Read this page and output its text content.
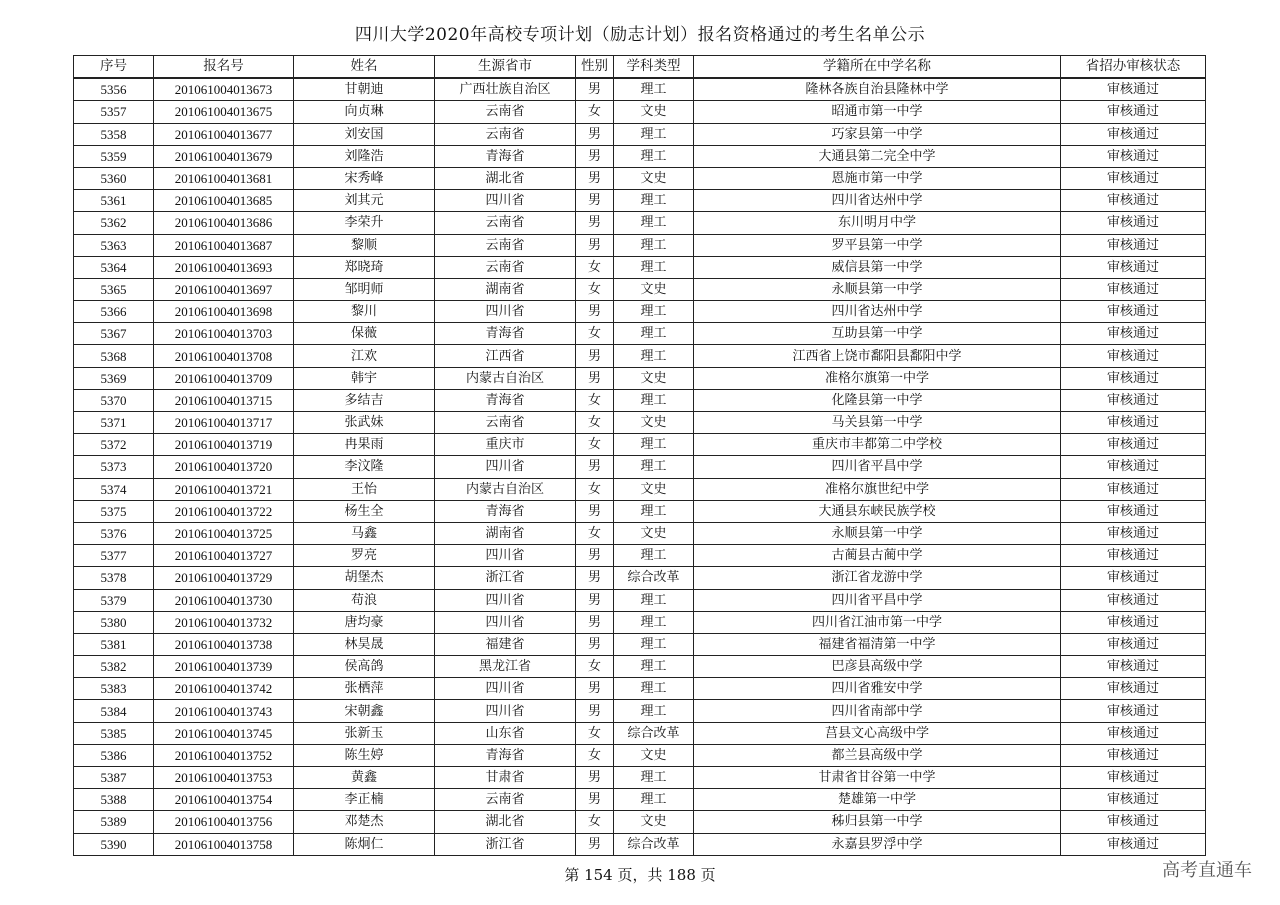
四川大学2020年高校专项计划（励志计划）报名资格通过的考生名单公示
序号	报名号	姓名	生源省市	性别	学科类型	学籍所在中学名称	省招办审核状态
5356	201061004013673	甘朝迪	广西壮族自治区	男	理工	隆林各族自治县隆林中学	审核通过
5357	201061004013675	向贞琳	云南省	女	文史	昭通市第一中学	审核通过
5358	201061004013677	刘安国	云南省	男	理工	巧家县第一中学	审核通过
5359	201061004013679	刘隆浩	青海省	男	理工	大通县第二完全中学	审核通过
5360	201061004013681	宋秀峰	湖北省	男	文史	恩施市第一中学	审核通过
5361	201061004013685	刘其元	四川省	男	理工	四川省达州中学	审核通过
5362	201061004013686	李荣升	云南省	男	理工	东川明月中学	审核通过
5363	201061004013687	黎顺	云南省	男	理工	罗平县第一中学	审核通过
5364	201061004013693	郑晓琦	云南省	女	理工	威信县第一中学	审核通过
5365	201061004013697	邹明师	湖南省	女	文史	永顺县第一中学	审核通过
5366	201061004013698	黎川	四川省	男	理工	四川省达州中学	审核通过
5367	201061004013703	保薇	青海省	女	理工	互助县第一中学	审核通过
5368	201061004013708	江欢	江西省	男	理工	江西省上饶市鄱阳县鄱阳中学	审核通过
5369	201061004013709	韩宇	内蒙古自治区	男	文史	准格尔旗第一中学	审核通过
5370	201061004013715	多结吉	青海省	女	理工	化隆县第一中学	审核通过
5371	201061004013717	张武妹	云南省	女	文史	马关县第一中学	审核通过
5372	201061004013719	冉果雨	重庆市	女	理工	重庆市丰都第二中学校	审核通过
5373	201061004013720	李汶隆	四川省	男	理工	四川省平昌中学	审核通过
5374	201061004013721	王怡	内蒙古自治区	女	文史	准格尔旗世纪中学	审核通过
5375	201061004013722	杨生全	青海省	男	理工	大通县东峡民族学校	审核通过
5376	201061004013725	马鑫	湖南省	女	文史	永顺县第一中学	审核通过
5377	201061004013727	罗亮	四川省	男	理工	古蔺县古蔺中学	审核通过
5378	201061004013729	胡堡杰	浙江省	男	综合改革	浙江省龙游中学	审核通过
5379	201061004013730	苟浪	四川省	男	理工	四川省平昌中学	审核通过
5380	201061004013732	唐均豪	四川省	男	理工	四川省江油市第一中学	审核通过
5381	201061004013738	林昊晟	福建省	男	理工	福建省福清第一中学	审核通过
5382	201061004013739	侯高鸽	黑龙江省	女	理工	巴彦县高级中学	审核通过
5383	201061004013742	张栖萍	四川省	男	理工	四川省雅安中学	审核通过
5384	201061004013743	宋朝鑫	四川省	男	理工	四川省南部中学	审核通过
5385	201061004013745	张新玉	山东省	女	综合改革	莒县文心高级中学	审核通过
5386	201061004013752	陈生婷	青海省	女	文史	都兰县高级中学	审核通过
5387	201061004013753	黄鑫	甘肃省	男	理工	甘肃省甘谷第一中学	审核通过
5388	201061004013754	李正楠	云南省	男	理工	楚雄第一中学	审核通过
5389	201061004013756	邓楚杰	湖北省	女	文史	秭归县第一中学	审核通过
5390	201061004013758	陈炯仁	浙江省	男	综合改革	永嘉县罗浮中学	审核通过
第 154 页，共 188 页	高考直通车
